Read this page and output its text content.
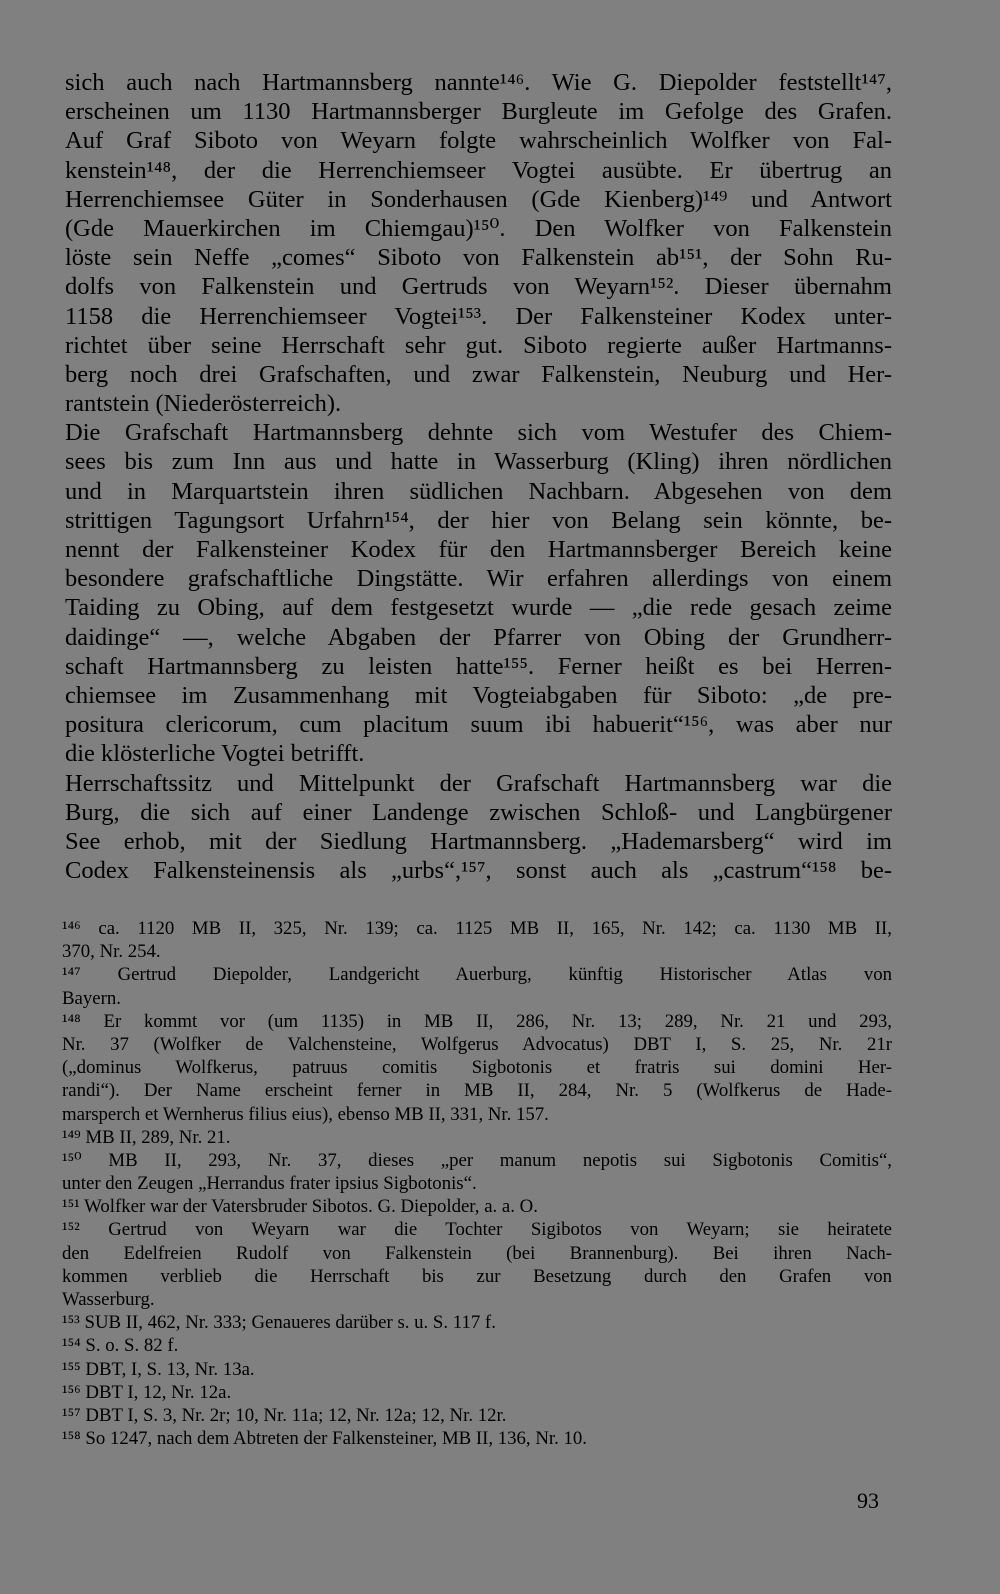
sich auch nach Hartmannsberg nannte¹⁴⁶. Wie G. Diepolder feststellt¹⁴⁷,
erscheinen um 1130 Hartmannsberger Burgleute im Gefolge des Grafen.
Auf Graf Siboto von Weyarn folgte wahrscheinlich Wolfker von Fal-
kenstein¹⁴⁸, der die Herrenchiemseer Vogtei ausübte. Er übertrug an
Herrenchiemsee Güter in Sonderhausen (Gde Kienberg)¹⁴⁹ und Antwort
(Gde Mauerkirchen im Chiemgau)¹⁵⁰. Den Wolfker von Falkenstein
löste sein Neffe „comes“ Siboto von Falkenstein ab¹⁵¹, der Sohn Ru-
dolfs von Falkenstein und Gertruds von Weyarn¹⁵². Dieser übernahm
1158 die Herrenchiemseer Vogtei¹⁵³. Der Falkensteiner Kodex unter-
richtet über seine Herrschaft sehr gut. Siboto regierte außer Hartmanns-
berg noch drei Grafschaften, und zwar Falkenstein, Neuburg und Her-
rantstein (Niederösterreich).
Die Grafschaft Hartmannsberg dehnte sich vom Westufer des Chiem-
sees bis zum Inn aus und hatte in Wasserburg (Kling) ihren nördlichen
und in Marquartstein ihren südlichen Nachbarn. Abgesehen von dem
strittigen Tagungsort Urfahrn¹⁵⁴, der hier von Belang sein könnte, be-
nennt der Falkensteiner Kodex für den Hartmannsberger Bereich keine
besondere grafschaftliche Dingstätte. Wir erfahren allerdings von einem
Taiding zu Obing, auf dem festgesetzt wurde — „die rede gesach zeime
daidinge“ —, welche Abgaben der Pfarrer von Obing der Grundherr-
schaft Hartmannsberg zu leisten hatte¹⁵⁵. Ferner heißt es bei Herren-
chiemsee im Zusammenhang mit Vogteiabgaben für Siboto: „de pre-
positura clericorum, cum placitum suum ibi habuerit“¹⁵⁶, was aber nur
die klösterliche Vogtei betrifft.
Herrschaftssitz und Mittelpunkt der Grafschaft Hartmannsberg war die
Burg, die sich auf einer Landenge zwischen Schloß- und Langbürgener
See erhob, mit der Siedlung Hartmannsberg. „Hademarsberg“ wird im
Codex Falkensteinensis als „urbs“,¹⁵⁷, sonst auch als „castrum“¹⁵⁸ be-
¹⁴⁶ ca. 1120 MB II, 325, Nr. 139; ca. 1125 MB II, 165, Nr. 142; ca. 1130 MB II,
370, Nr. 254.
¹⁴⁷ Gertrud Diepolder, Landgericht Auerburg, künftig Historischer Atlas von
Bayern.
¹⁴⁸ Er kommt vor (um 1135) in MB II, 286, Nr. 13; 289, Nr. 21 und 293,
Nr. 37 (Wolfker de Valchensteine, Wolfgerus Advocatus) DBT I, S. 25, Nr. 21r
(„dominus Wolfkerus, patruus comitis Sigbotonis et fratris sui domini Her-
randi“). Der Name erscheint ferner in MB II, 284, Nr. 5 (Wolfkerus de Hade-
marsperch et Wernherus filius eius), ebenso MB II, 331, Nr. 157.
¹⁴⁹ MB II, 289, Nr. 21.
¹⁵⁰ MB II, 293, Nr. 37, dieses „per manum nepotis sui Sigbotonis Comitis“,
unter den Zeugen „Herrandus frater ipsius Sigbotonis“.
¹⁵¹ Wolfker war der Vatersbruder Sibotos. G. Diepolder, a. a. O.
¹⁵² Gertrud von Weyarn war die Tochter Sigibotos von Weyarn; sie heiratete
den Edelfreien Rudolf von Falkenstein (bei Brannenburg). Bei ihren Nach-
kommen verblieb die Herrschaft bis zur Besetzung durch den Grafen von
Wasserburg.
¹⁵³ SUB II, 462, Nr. 333; Genaueres darüber s. u. S. 117 f.
¹⁵⁴ S. o. S. 82 f.
¹⁵⁵ DBT, I, S. 13, Nr. 13a.
¹⁵⁶ DBT I, 12, Nr. 12a.
¹⁵⁷ DBT I, S. 3, Nr. 2r; 10, Nr. 11a; 12, Nr. 12a; 12, Nr. 12r.
¹⁵⁸ So 1247, nach dem Abtreten der Falkensteiner, MB II, 136, Nr. 10.
93
